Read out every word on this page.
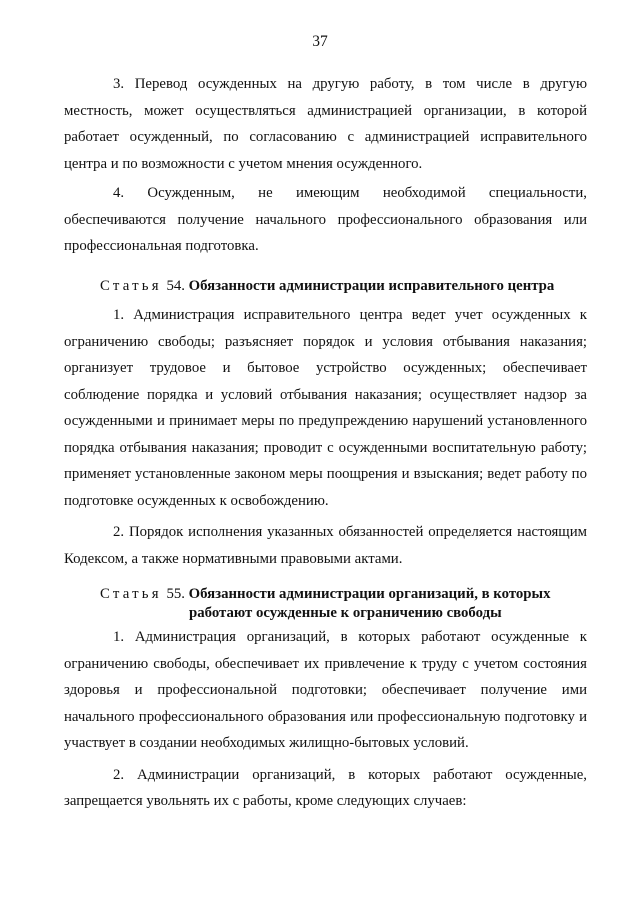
37

3. Перевод осужденных на другую работу, в том числе в другую местность, может осуществляться администрацией организации, в которой работает осужденный, по согласованию с администрацией исправительного центра и по возможности с учетом мнения осужденного.

4. Осужденным, не имеющим необходимой специальности, обеспечиваются получение начального профессионального образования или профессиональная подготовка.

Статья 54. Обязанности администрации исправительного центра

1. Администрация исправительного центра ведет учет осужденных к ограничению свободы; разъясняет порядок и условия отбывания наказания; организует трудовое и бытовое устройство осужденных; обеспечивает соблюдение порядка и условий отбывания наказания; осуществляет надзор за осужденными и принимает меры по предупреждению нарушений установленного порядка отбывания наказания; проводит с осужденными воспитательную работу; применяет установленные законом меры поощрения и взыскания; ведет работу по подготовке осужденных к освобождению.

2. Порядок исполнения указанных обязанностей определяется настоящим Кодексом, а также нормативными правовыми актами.

Статья 55. Обязанности администрации организаций, в которых
работают осужденные к ограничению свободы

1. Администрация организаций, в которых работают осужденные к ограничению свободы, обеспечивает их привлечение к труду с учетом состояния здоровья и профессиональной подготовки; обеспечивает получение ими начального профессионального образования или профессиональную подготовку и участвует в создании необходимых жилищно-бытовых условий.

2. Администрации организаций, в которых работают осужденные, запрещается увольнять их с работы, кроме следующих случаев:
